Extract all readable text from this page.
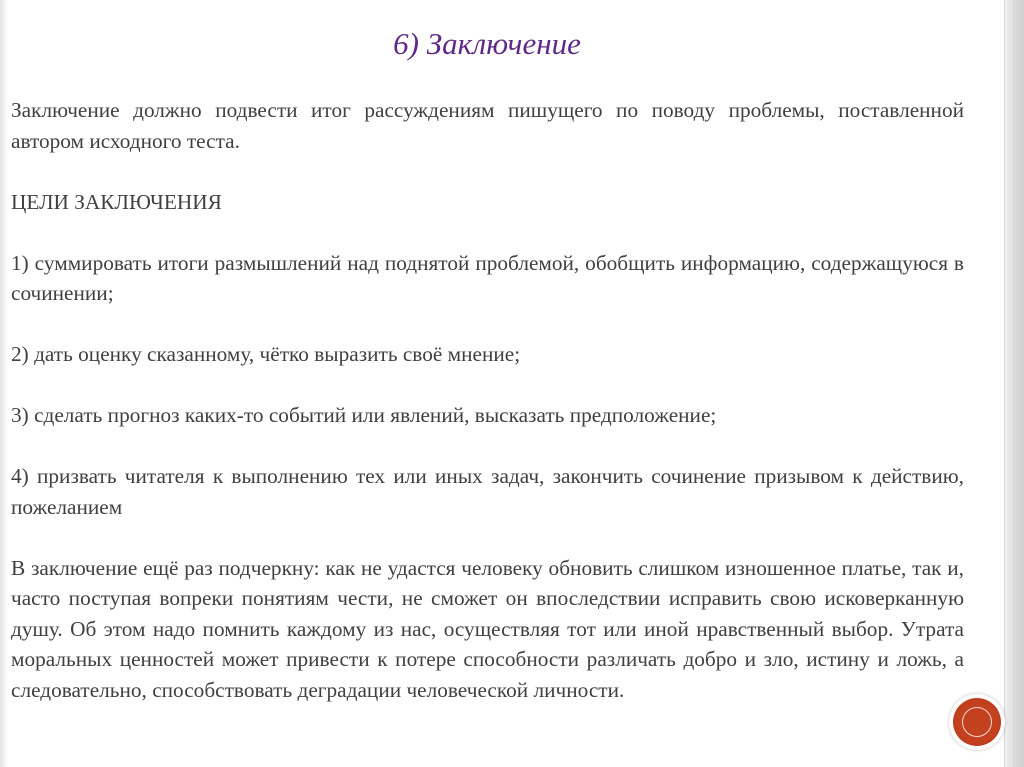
6) Заключение

Заключение должно подвести итог рассуждениям пишущего по поводу проблемы, поставленной автором исходного теста.

ЦЕЛИ ЗАКЛЮЧЕНИЯ

1) суммировать итоги размышлений над поднятой проблемой, обобщить информацию, содержащуюся в сочинении;

2) дать оценку сказанному, чётко выразить своё мнение;

3) сделать прогноз каких-то событий или явлений, высказать предположение;

4) призвать читателя к выполнению тех или иных задач, закончить сочинение призывом к действию, пожеланием

В заключение ещё раз подчеркну: как не удастся человеку обновить слишком изношенное платье, так и, часто поступая вопреки понятиям чести, не сможет он впоследствии исправить свою исковерканную душу. Об этом надо помнить каждому из нас, осуществляя тот или иной нравственный выбор. Утрата моральных ценностей может привести к потере способности различать добро и зло, истину и ложь, а следовательно, способствовать деградации человеческой личности.
